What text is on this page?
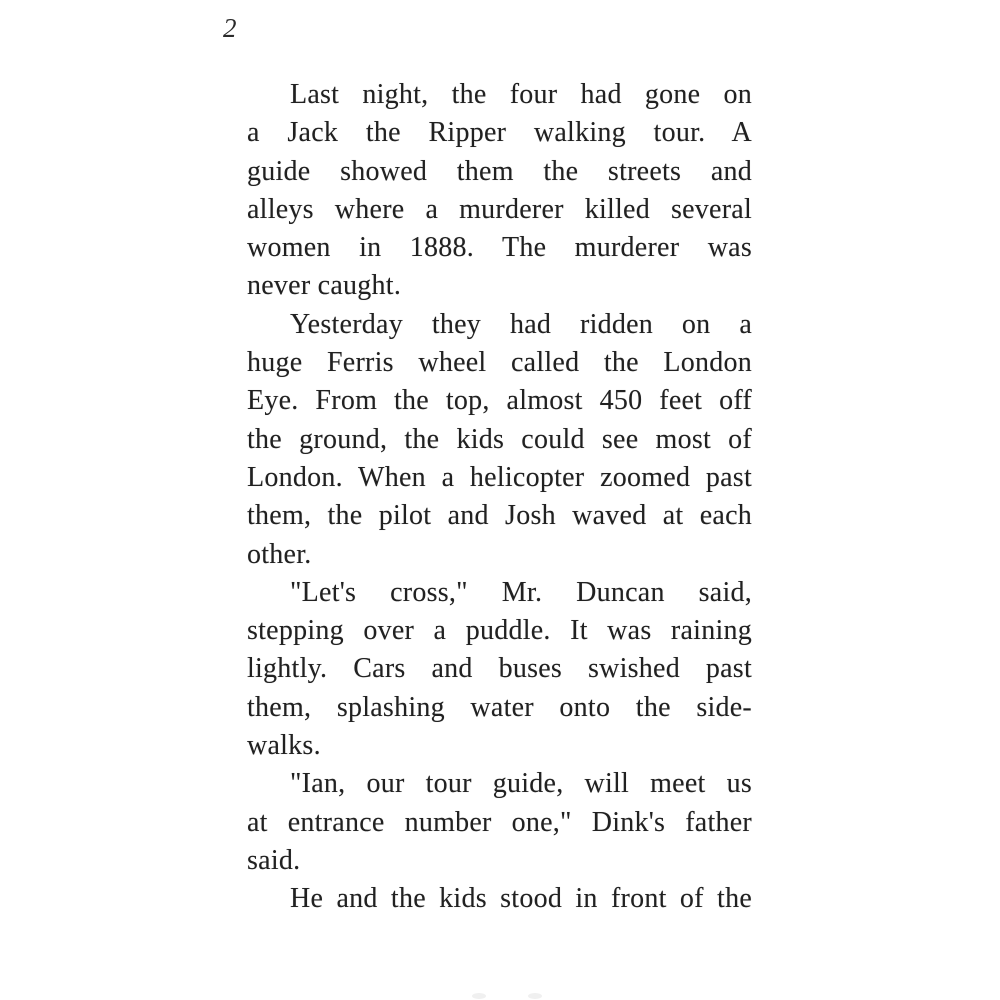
2
Last night, the four had gone on
a Jack the Ripper walking tour. A
guide showed them the streets and
alleys where a murderer killed several
women in 1888. The murderer was
never caught.
Yesterday they had ridden on a
huge Ferris wheel called the London
Eye. From the top, almost 450 feet off
the ground, the kids could see most of
London. When a helicopter zoomed past
them, the pilot and Josh waved at each
other.
"Let's cross," Mr. Duncan said,
stepping over a puddle. It was raining
lightly. Cars and buses swished past
them, splashing water onto the side-
walks.
"Ian, our tour guide, will meet us
at entrance number one," Dink's father
said.
He and the kids stood in front of the
